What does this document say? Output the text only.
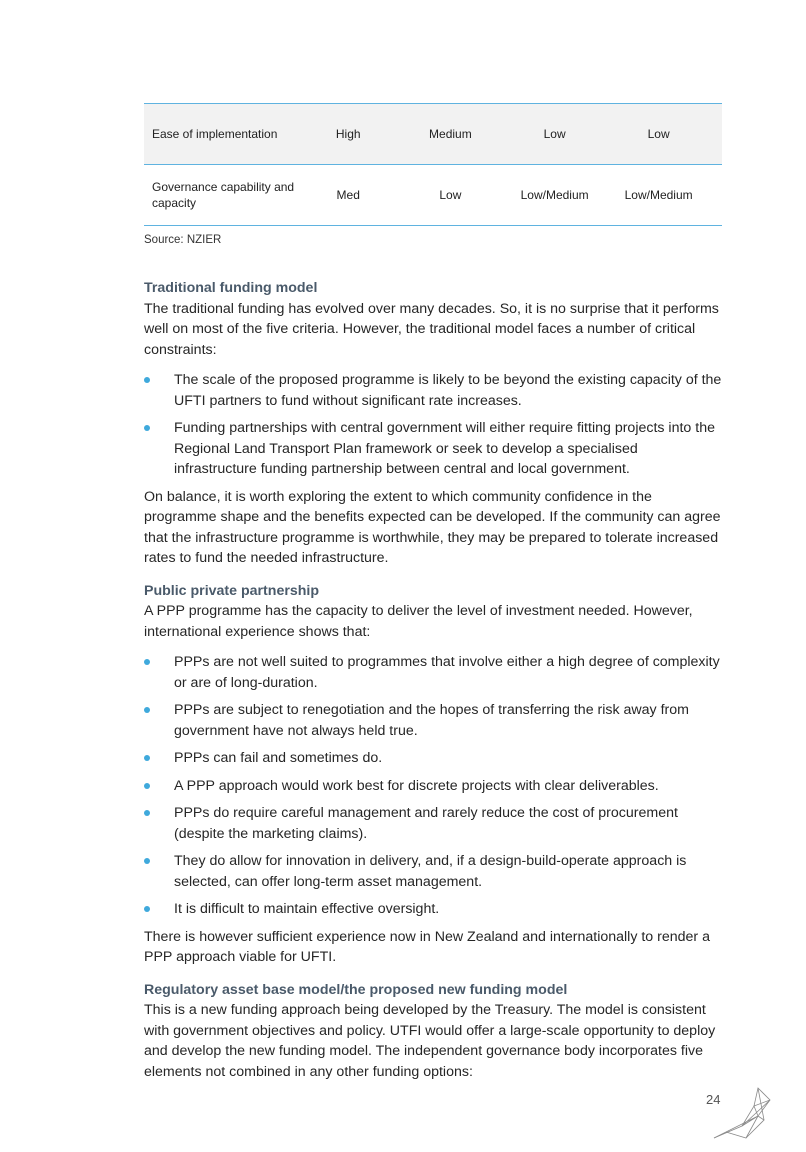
Ease of implementation	High	Medium	Low	Low
Governance capability and capacity	Med	Low	Low/Medium	Low/Medium
Source: NZIER

Traditional funding model

The traditional funding has evolved over many decades. So, it is no surprise that it performs well on most of the five criteria. However, the traditional model faces a number of critical constraints:

The scale of the proposed programme is likely to be beyond the existing capacity of the UFTI partners to fund without significant rate increases.
Funding partnerships with central government will either require fitting projects into the Regional Land Transport Plan framework or seek to develop a specialised infrastructure funding partnership between central and local government.

On balance, it is worth exploring the extent to which community confidence in the programme shape and the benefits expected can be developed. If the community can agree that the infrastructure programme is worthwhile, they may be prepared to tolerate increased rates to fund the needed infrastructure.

Public private partnership

A PPP programme has the capacity to deliver the level of investment needed. However, international experience shows that:

PPPs are not well suited to programmes that involve either a high degree of complexity or are of long-duration.
PPPs are subject to renegotiation and the hopes of transferring the risk away from government have not always held true.
PPPs can fail and sometimes do.
A PPP approach would work best for discrete projects with clear deliverables.
PPPs do require careful management and rarely reduce the cost of procurement (despite the marketing claims).
They do allow for innovation in delivery, and, if a design-build-operate approach is selected, can offer long-term asset management.
It is difficult to maintain effective oversight.

There is however sufficient experience now in New Zealand and internationally to render a PPP approach viable for UFTI.

Regulatory asset base model/the proposed new funding model

This is a new funding approach being developed by the Treasury. The model is consistent with government objectives and policy. UTFI would offer a large-scale opportunity to deploy and develop the new funding model. The independent governance body incorporates five elements not combined in any other funding options:

24
